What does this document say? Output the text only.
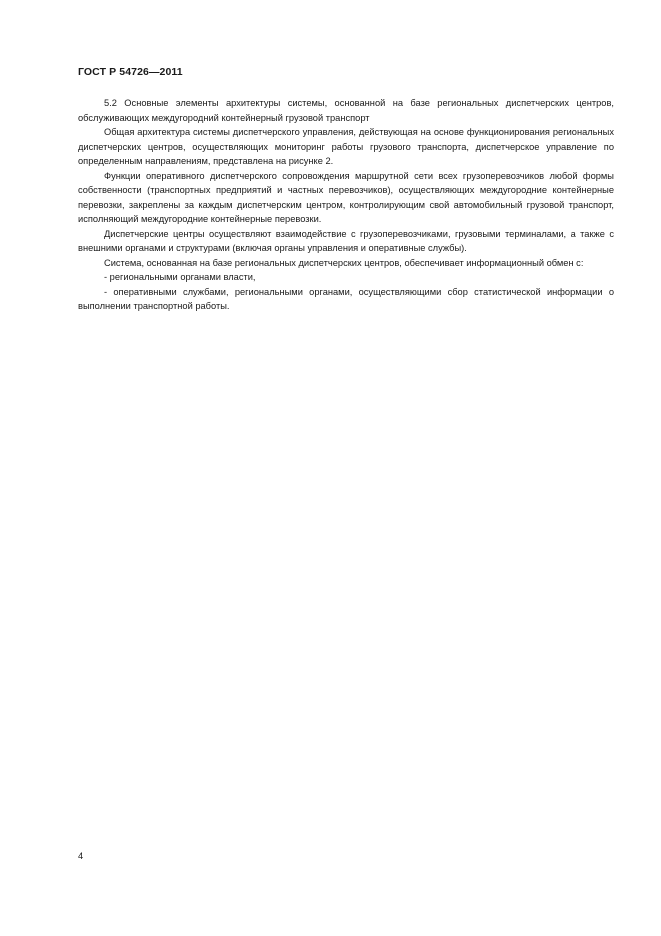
ГОСТ Р 54726—2011

5.2 Основные элементы архитектуры системы, основанной на базе региональных диспетчерских центров, обслуживающих междугородний контейнерный грузовой транспорт

Общая архитектура системы диспетчерского управления, действующая на основе функционирования региональных диспетчерских центров, осуществляющих мониторинг работы грузового транспорта, диспетчерское управление по определенным направлениям, представлена на рисунке 2.

Функции оперативного диспетчерского сопровождения маршрутной сети всех грузоперевозчиков любой формы собственности (транспортных предприятий и частных перевозчиков), осуществляющих междугородние контейнерные перевозки, закреплены за каждым диспетчерским центром, контролирующим свой автомобильный грузовой транспорт, исполняющий междугородние контейнерные перевозки.

Диспетчерские центры осуществляют взаимодействие с грузоперевозчиками, грузовыми терминалами, а также с внешними органами и структурами (включая органы управления и оперативные службы).

Система, основанная на базе региональных диспетчерских центров, обеспечивает информационный обмен с:

- региональными органами власти,

- оперативными службами, региональными органами, осуществляющими сбор статистической информации о выполнении транспортной работы.

4
